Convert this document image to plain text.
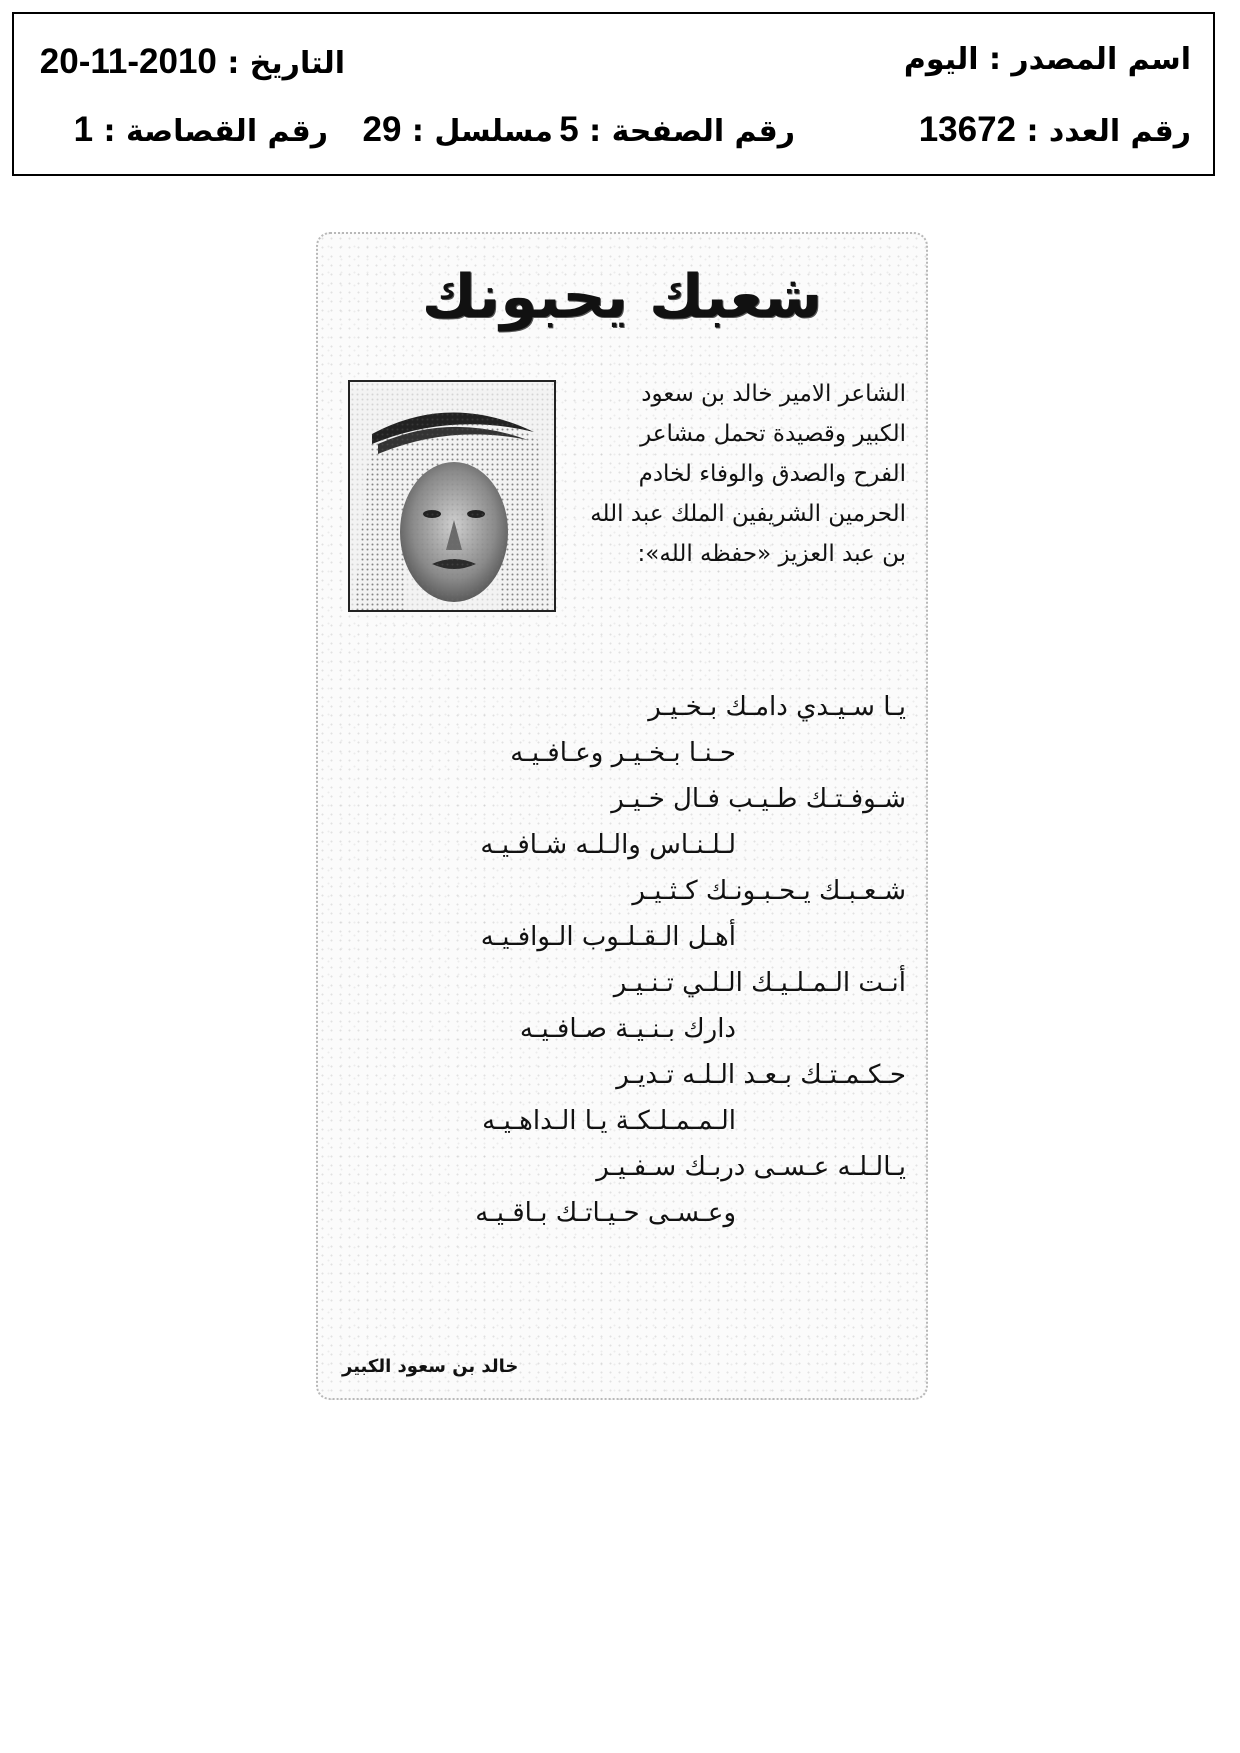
اسم المصدر : اليوم
التاريخ : 2010-11-20
رقم العدد : 13672
رقم الصفحة : 5
مسلسل : 29
رقم القصاصة : 1
شعبك يحبونك
الشاعر الامير خالد بن سعود
الكبير وقصيدة تحمل مشاعر
الفرح والصدق والوفاء لخادم
الحرمين الشريفين الملك عبد الله
بن عبد العزيز «حفظه الله»:
يـا سـيـدي دامـك بـخـيـر
حـنـا بـخـيـر وعـافـيـه
شـوفـتـك طـيـب فـال خـيـر
لـلـنـاس والـلـه شـافـيـه
شـعـبـك يـحـبـونـك كـثـيـر
أهـل الـقـلـوب الـوافـيـه
أنـت الـمـلـيـك الـلـي تـنـيـر
دارك بـنـيـة صـافـيـه
حـكـمـتـك بـعـد الـلـه تـديـر
الـمـمـلـكـة يـا الـداهـيـه
يـالـلـه عـسـى دربـك سـفـيـر
وعـسـى حـيـاتـك بـاقـيـه
خالد بن سعود الكبير
